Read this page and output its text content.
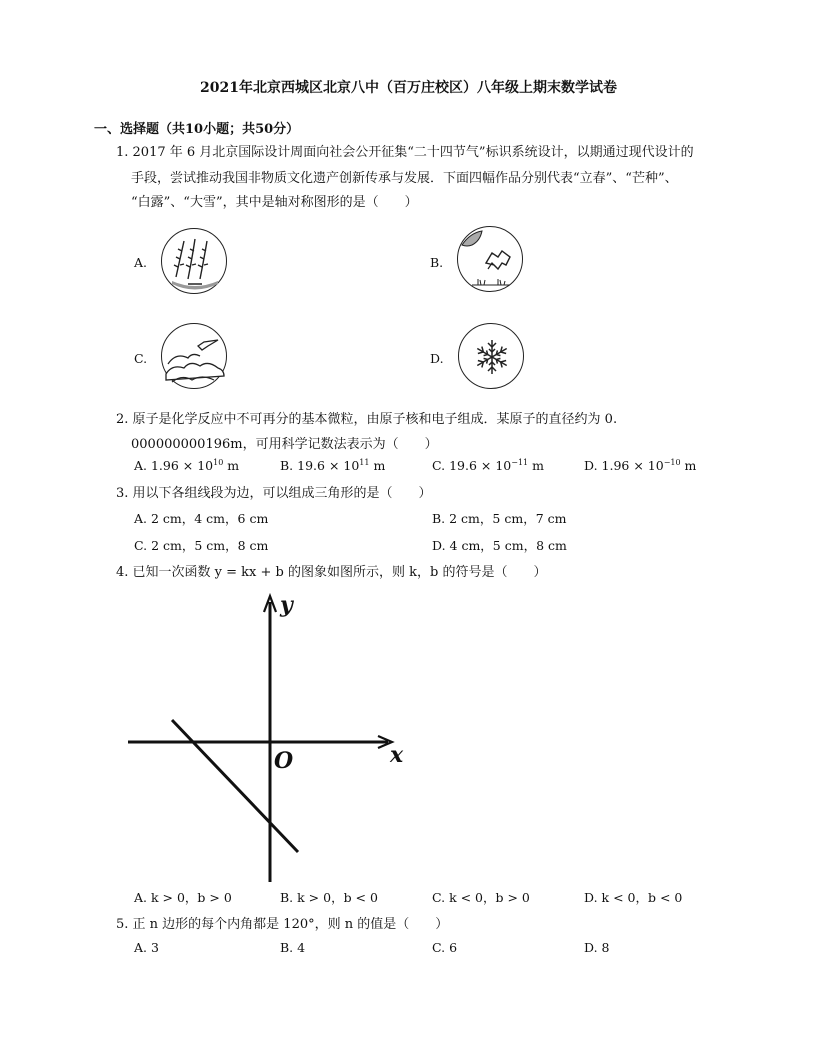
2021年北京西城区北京八中（百万庄校区）八年级上期末数学试卷
一、选择题（共10小题；共50分）
1. 2017 年 6 月北京国际设计周面向社会公开征集“二十四节气”标识系统设计，以期通过现代设计的
手段，尝试推动我国非物质文化遗产创新传承与发展．下面四幅作品分别代表“立春”、“芒种”、
“白露”、“大雪”，其中是轴对称图形的是（　　）
A.	B.
C.	D.
2. 原子是化学反应中不可再分的基本微粒，由原子核和电子组成．某原子的直径约为 0.
000000000196m，可用科学记数法表示为（　　）
A. $1.96 \times 10^{10}$ m	B. $19.6 \times 10^{11}$ m	C. $19.6 \times 10^{-11}$ m	D. $1.96 \times 10^{-10}$ m
3. 用以下各组线段为边，可以组成三角形的是（　　）
A. 2 cm，4 cm，6 cm	B. 2 cm，5 cm，7 cm
C. 2 cm，5 cm，8 cm	D. 4 cm，5 cm，8 cm
4. 已知一次函数 y = kx + b 的图象如图所示，则 k，b 的符号是（　　）
y
x
O
A. k > 0，b > 0	B. k > 0，b < 0	C. k < 0，b > 0	D. k < 0，b < 0
5. 正 n 边形的每个内角都是 120°，则 n 的值是（　　）
A. 3	B. 4	C. 6	D. 8
